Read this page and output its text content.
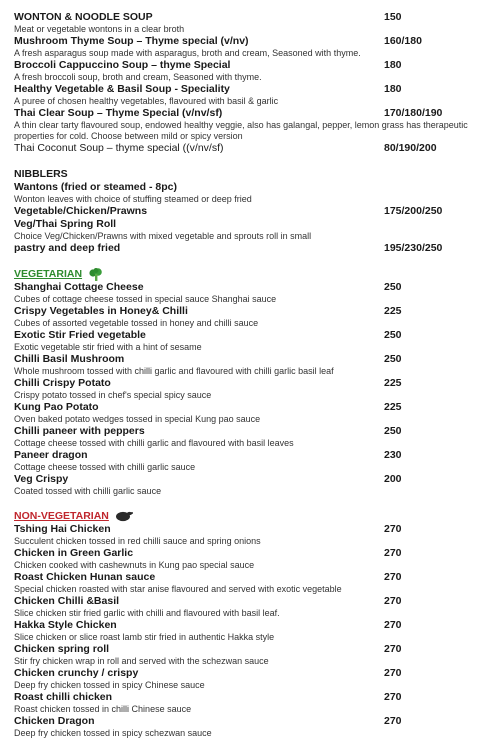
WONTON & NOODLE SOUP	150
Meat or vegetable wontons in a clear broth
Mushroom Thyme Soup – Thyme special (v/nv)	160/180
A fresh asparagus soup made with asparagus, broth and cream, Seasoned with thyme.
Broccoli Cappuccino Soup – thyme Special	180
A fresh broccoli soup, broth and cream, Seasoned with thyme.
Healthy Vegetable & Basil Soup - Speciality	180
A puree of chosen healthy vegetables, flavoured with basil & garlic
Thai Clear Soup – Thyme Special (v/nv/sf)	170/180/190
A thin clear tarty flavoured soup, endowed healthy veggie, also has galangal, pepper, lemon grass has therapeutic properties for cold. Choose between mild or spicy version
Thai Coconut Soup – thyme special ((v/nv/sf)	80/190/200
NIBBLERS
Wantons (fried or steamed - 8pc)
Wonton leaves with choice of stuffing steamed or deep fried
Vegetable/Chicken/Prawns	175/200/250
Veg/Thai Spring Roll
Choice Veg/Chicken/Prawns with mixed vegetable and sprouts roll in small
pastry and deep fried	195/230/250
VEGETARIAN
Shanghai Cottage Cheese	250
Cubes of cottage cheese tossed in special sauce Shanghai sauce
Crispy Vegetables in Honey& Chilli	225
Cubes of assorted vegetable tossed in honey and chilli sauce
Exotic Stir Fried vegetable	250
Exotic vegetable stir fried with a hint of sesame
Chilli Basil Mushroom	250
Whole mushroom tossed with chilli garlic and flavoured with chilli garlic basil leaf
Chilli Crispy Potato	225
Crispy potato tossed in chef's special spicy sauce
Kung Pao Potato	225
Oven baked potato wedges tossed in special Kung pao sauce
Chilli paneer with peppers	250
Cottage cheese tossed with chilli garlic and flavoured with basil leaves
Paneer dragon	230
Cottage cheese tossed with chilli garlic sauce
Veg Crispy	200
Coated tossed with chilli garlic sauce
NON-VEGETARIAN
Tshing Hai Chicken	270
Succulent chicken tossed in red chilli sauce and spring onions
Chicken in Green Garlic	270
Chicken cooked with cashewnuts in Kung pao special sauce
Roast Chicken Hunan sauce	270
Special chicken roasted with star anise flavoured and served with exotic vegetable
Chicken Chilli &Basil	270
Slice chicken stir fried garlic with chilli and flavoured with basil leaf.
Hakka Style Chicken	270
Slice chicken or slice roast lamb stir fried in authentic Hakka style
Chicken spring roll	270
Stir fry chicken wrap in roll and served with the schezwan sauce
Chicken crunchy / crispy	270
Deep fry chicken tossed in spicy Chinese sauce
Roast chilli chicken	270
Roast chicken tossed in chilli Chinese sauce
Chicken Dragon	270
Deep fry chicken tossed in spicy schezwan sauce
